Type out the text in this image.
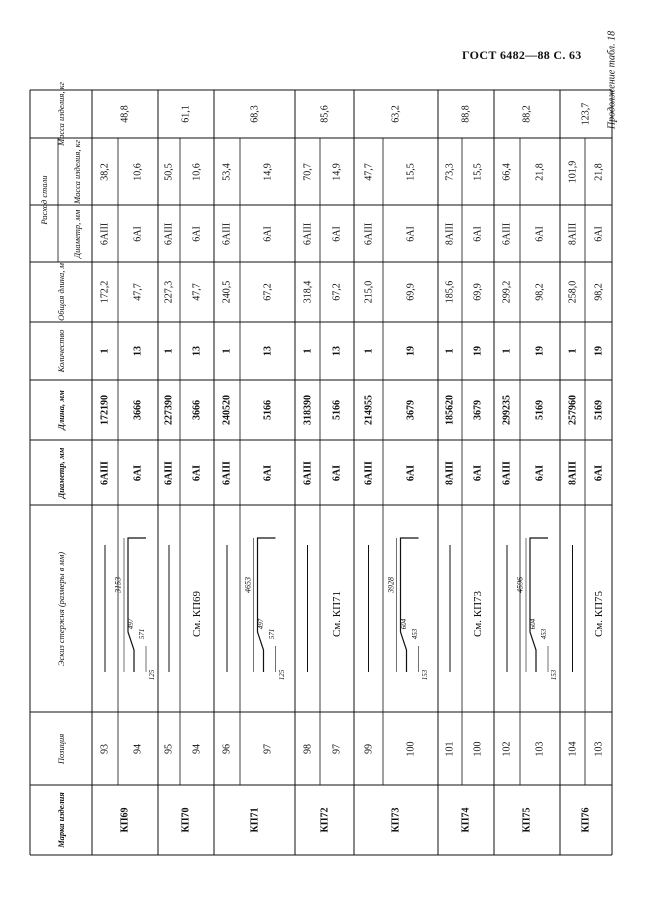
ГОСТ 6482—88 С. 63
Марка изделия
Позиция
Эскиз стержня (размеры в мм)
Диаметр, мм
Длина, мм
Количество
Общая длина, м
Расход стали
Диаметр, мм
Масса изделия, кг
Масса изделия, кг	Продолжение табл. 18
93
6АIII
172190
1
172,2
6АIII
38,2
КП69
48,8
94
6АI
3666
13
47,7
6АI
10,6
3153
497
571
125
95
6АIII
227390
1
227,3
6АIII
50,5
КП70
61,1
94
6АI
3666
13
47,7
6АI
10,6
См. КП69
96
6АIII
240520
1
240,5
6АIII
53,4
КП71
68,3
97
6АI
5166
13
67,2
6АI
14,9
4653
497
571
125
98
6АIII
318390
1
318,4
6АIII
70,7
КП72
85,6
97
6АI
5166
13
67,2
6АI
14,9
См. КП71
99
6АIII
214955
1
215,0
6АIII
47,7
КП73
63,2
100
6АI
3679
19
69,9
6АI
15,5
3928
604
453
153
101
8АIII
185620
1
185,6
8АIII
73,3
КП74
88,8
100
6АI
3679
19
69,9
6АI
15,5
См. КП73
102
6АIII
299235
1
299,2
6АIII
66,4
КП75
88,2
103
6АI
5169
19
98,2
6АI
21,8
4596
604
453
153
104
8АIII
257960
1
258,0
8АIII
101,9
КП76
123,7
103
6АI
5169
19
98,2
6АI
21,8
См. КП75
